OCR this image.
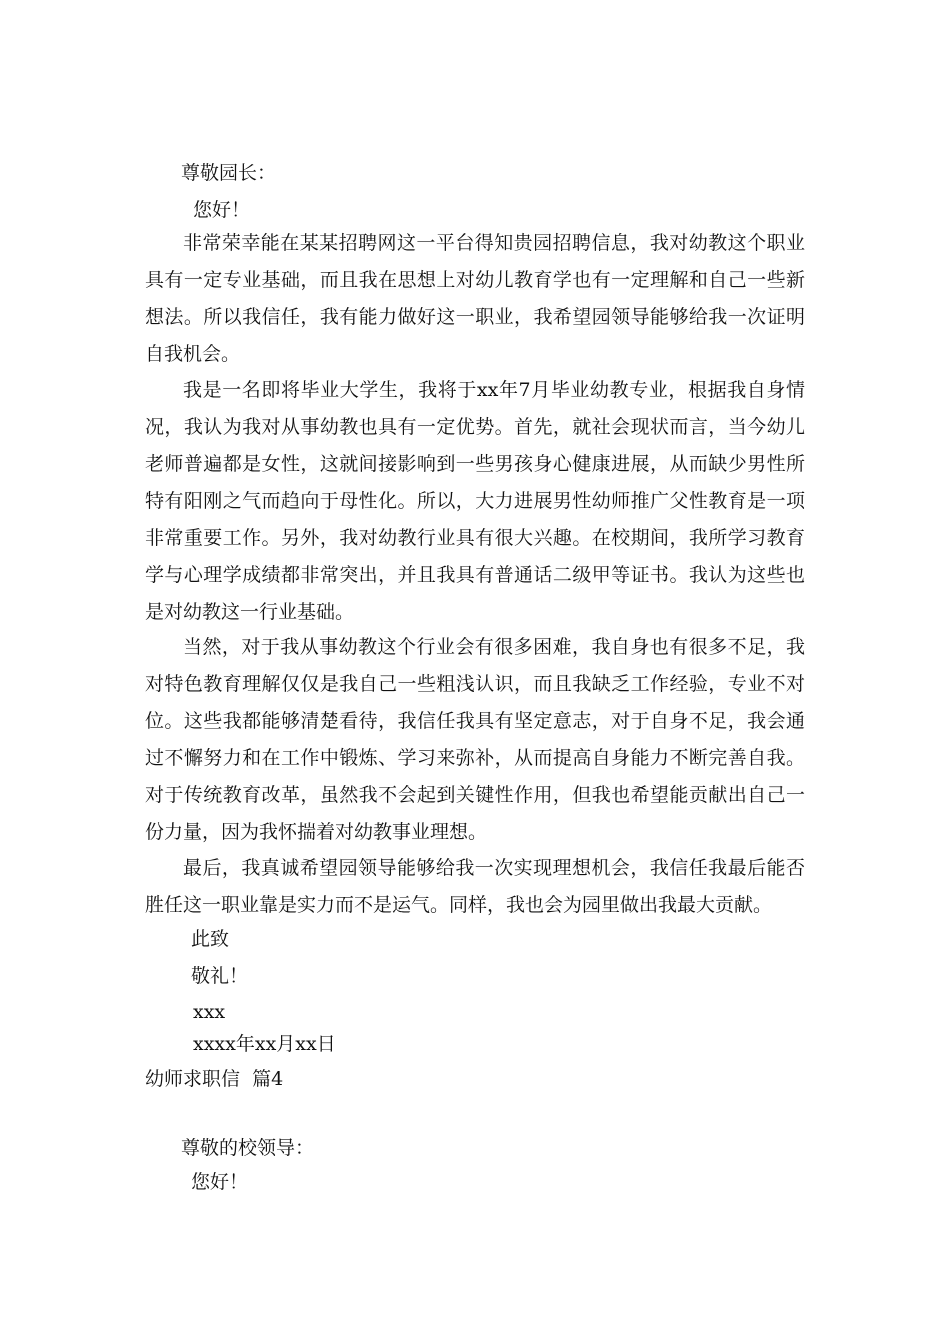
尊敬园长：
您好！

非常荣幸能在某某招聘网这一平台得知贵园招聘信息，我对幼教这个职业具有一定专业基础，而且我在思想上对幼儿教育学也有一定理解和自己一些新想法。所以我信任，我有能力做好这一职业，我希望园领导能够给我一次证明自我机会。

我是一名即将毕业大学生，我将于xx年7月毕业幼教专业，根据我自身情况，我认为我对从事幼教也具有一定优势。首先，就社会现状而言，当今幼儿老师普遍都是女性，这就间接影响到一些男孩身心健康进展，从而缺少男性所特有阳刚之气而趋向于母性化。所以，大力进展男性幼师推广父性教育是一项非常重要工作。另外，我对幼教行业具有很大兴趣。在校期间，我所学习教育学与心理学成绩都非常突出，并且我具有普通话二级甲等证书。我认为这些也是对幼教这一行业基础。

当然，对于我从事幼教这个行业会有很多困难，我自身也有很多不足，我对特色教育理解仅仅是我自己一些粗浅认识，而且我缺乏工作经验，专业不对位。这些我都能够清楚看待，我信任我具有坚定意志，对于自身不足，我会通过不懈努力和在工作中锻炼、学习来弥补，从而提高自身能力不断完善自我。对于传统教育改革，虽然我不会起到关键性作用，但我也希望能贡献出自己一份力量，因为我怀揣着对幼教事业理想。

最后，我真诚希望园领导能够给我一次实现理想机会，我信任我最后能否胜任这一职业靠是实力而不是运气。同样，我也会为园里做出我最大贡献。

此致
敬礼！
xxx
xxxx年xx月xx日
幼师求职信  篇4
尊敬的校领导：
您好！
